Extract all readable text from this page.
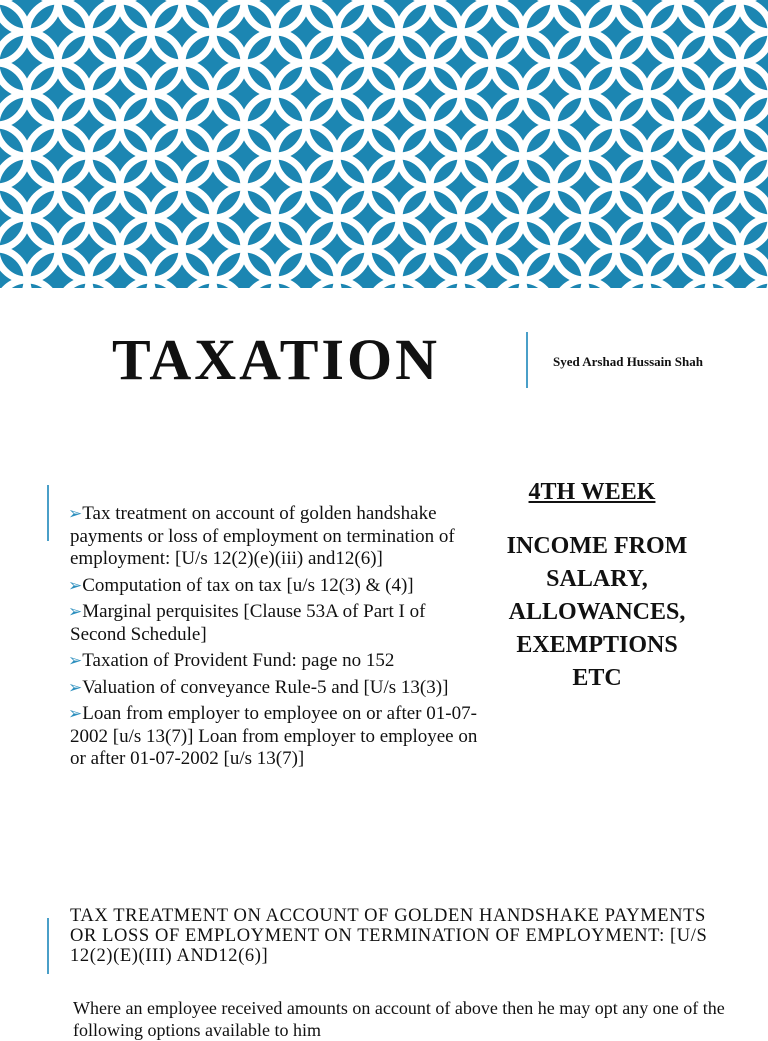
TAXATION	Syed Arshad Hussain Shah
➢Tax treatment on account of golden handshake payments or loss of employment on termination of employment: [U/s 12(2)(e)(iii) and12(6)]
➢Computation of tax on tax [u/s 12(3) & (4)]
➢Marginal perquisites [Clause 53A of Part I of Second Schedule]
➢Taxation of Provident Fund: page no 152
➢Valuation of conveyance Rule-5 and [U/s 13(3)]
➢Loan from employer to employee on or after 01-07-2002 [u/s 13(7)] Loan from employer to employee on or after 01-07-2002 [u/s 13(7)]
4TH WEEK
INCOME FROM SALARY, ALLOWANCES, EXEMPTIONS ETC
TAX TREATMENT ON ACCOUNT OF GOLDEN HANDSHAKE PAYMENTS OR LOSS OF EMPLOYMENT ON TERMINATION OF EMPLOYMENT: [U/S 12(2)(E)(III) AND12(6)]
Where an employee received amounts on account of above then he may opt any one of the following options available to him
